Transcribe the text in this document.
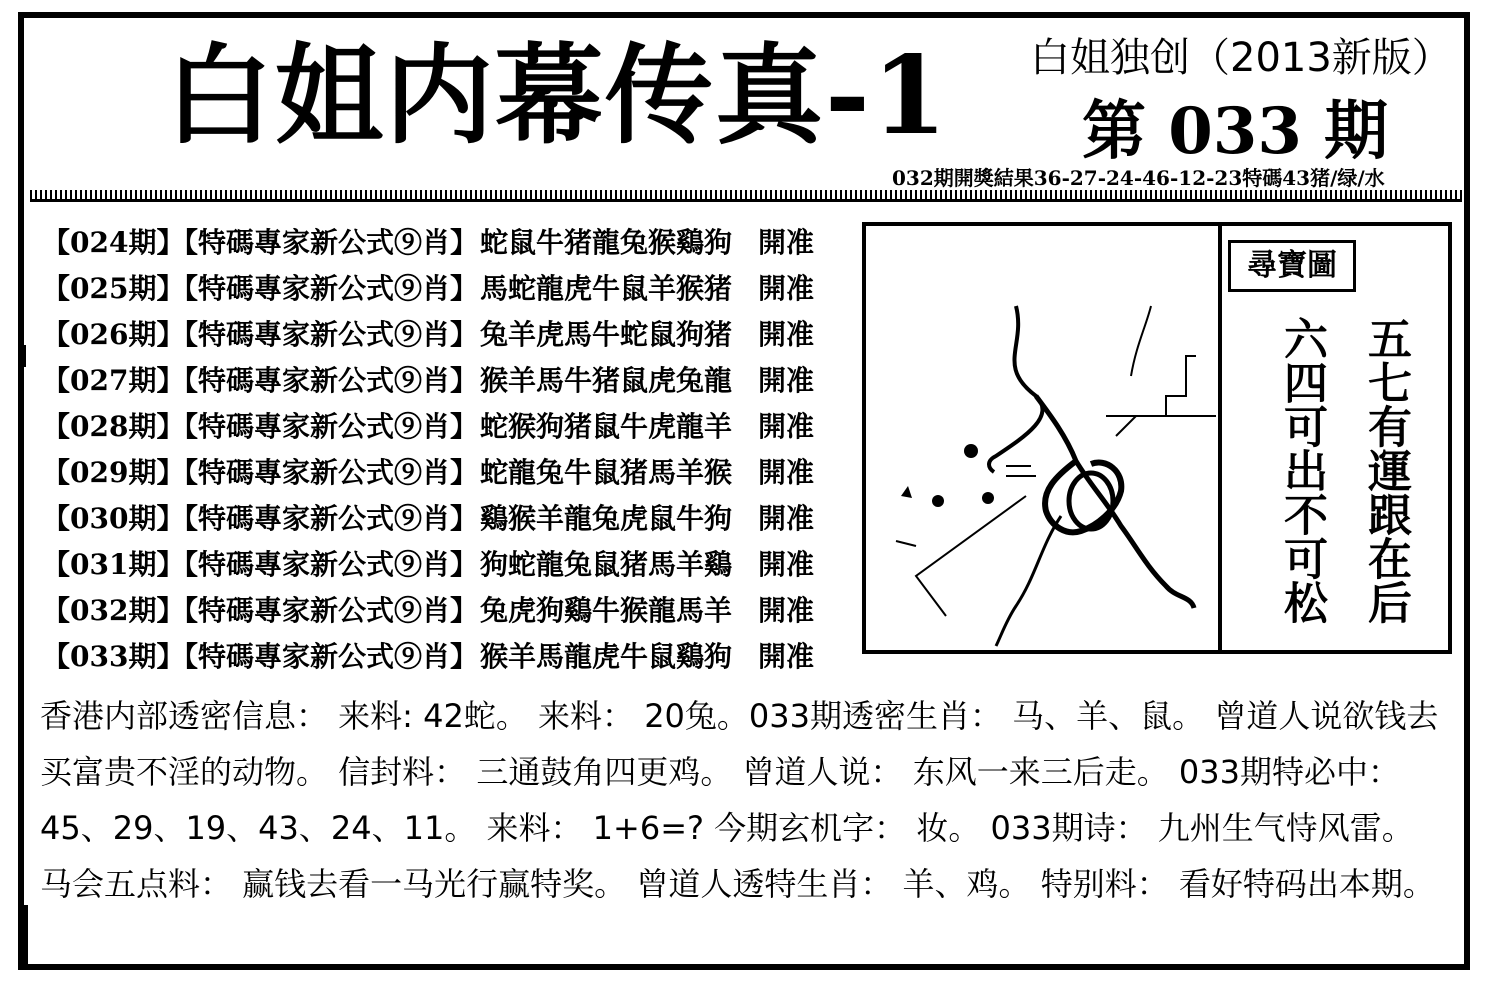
白姐内幕传真-1 白姐独创（2013新版）
第 033 期
032期開獎結果36-27-24-46-12-23特碼43猪/绿/水
【024期】【特碼專家新公式⑨肖】蛇鼠牛猪龍兔猴鷄狗 開准
【025期】【特碼專家新公式⑨肖】馬蛇龍虎牛鼠羊猴猪 開准
【026期】【特碼專家新公式⑨肖】兔羊虎馬牛蛇鼠狗猪 開准
【027期】【特碼專家新公式⑨肖】猴羊馬牛猪鼠虎兔龍 開准
【028期】【特碼專家新公式⑨肖】蛇猴狗猪鼠牛虎龍羊 開准
【029期】【特碼專家新公式⑨肖】蛇龍兔牛鼠猪馬羊猴 開准
【030期】【特碼專家新公式⑨肖】鷄猴羊龍兔虎鼠牛狗 開准
【031期】【特碼專家新公式⑨肖】狗蛇龍兔鼠猪馬羊鷄 開准
【032期】【特碼專家新公式⑨肖】兔虎狗鷄牛猴龍馬羊 開准
【033期】【特碼專家新公式⑨肖】猴羊馬龍虎牛鼠鷄狗 開准
尋寶圖
五七有運跟在后
六四可出不可松
香港内部透密信息： 来料: 42蛇。 来料： 20兔。033期透密生肖： 马、羊、鼠。 曾道人说欲钱去买富贵不淫的动物。 信封料： 三通鼓角四更鸡。 曾道人说： 东风一来三后走。 033期特必中： 45、29、19、43、24、11。 来料： 1+6=? 今期玄机字： 妆。 033期诗： 九州生气恃风雷。 马会五点料： 赢钱去看一马光行赢特奖。 曾道人透特生肖： 羊、鸡。 特别料： 看好特码出本期。
